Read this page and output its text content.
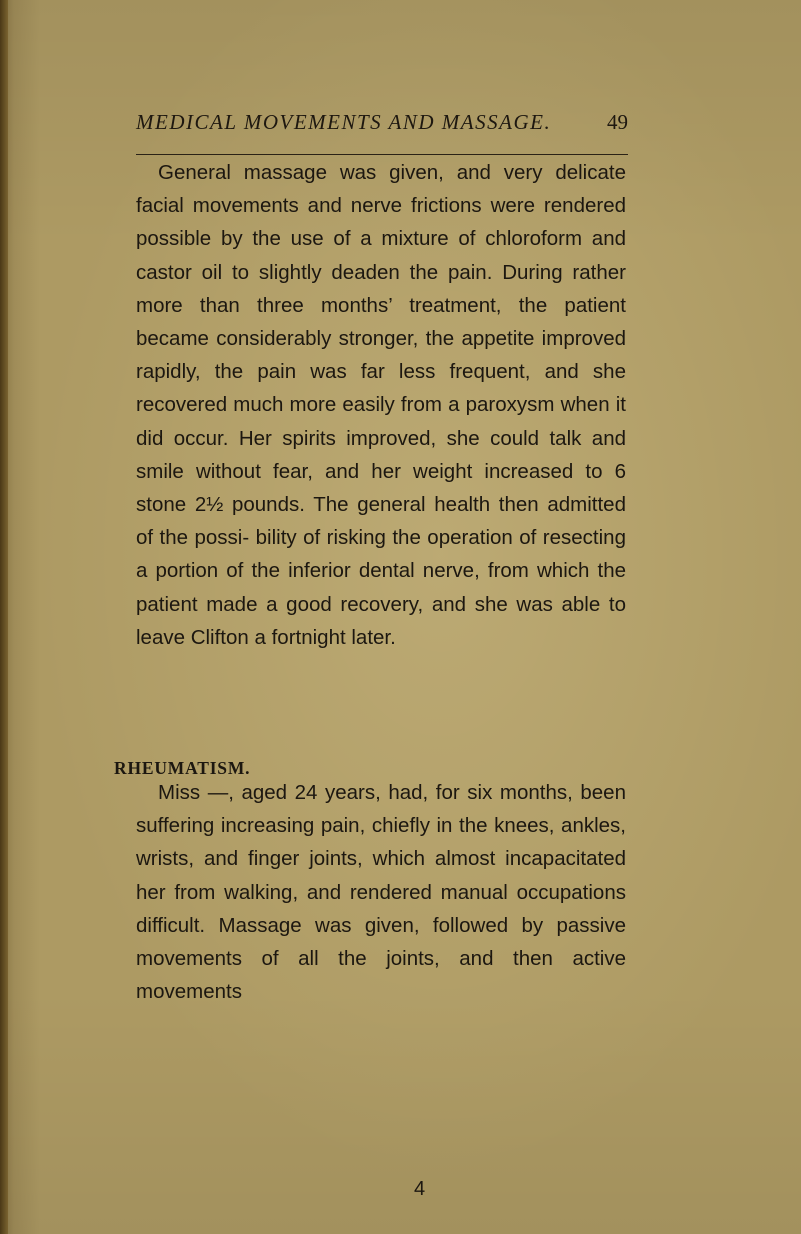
MEDICAL MOVEMENTS AND MASSAGE.	49

General massage was given, and very delicate facial movements and nerve frictions were rendered possible by the use of a mixture of chloroform and castor oil to slightly deaden the pain. During rather more than three months’ treatment, the patient became considerably stronger, the appetite improved rapidly, the pain was far less frequent, and she recovered much more easily from a paroxysm when it did occur. Her spirits improved, she could talk and smile without fear, and her weight increased to 6 stone 2½ pounds. The general health then admitted of the possi- bility of risking the operation of resecting a portion of the inferior dental nerve, from which the patient made a good recovery, and she was able to leave Clifton a fortnight later.

RHEUMATISM.

Miss —, aged 24 years, had, for six months, been suffering increasing pain, chiefly in the knees, ankles, wrists, and finger joints, which almost incapacitated her from walking, and rendered manual occupations difficult. Massage was given, followed by passive movements of all the joints, and then active movements

4
